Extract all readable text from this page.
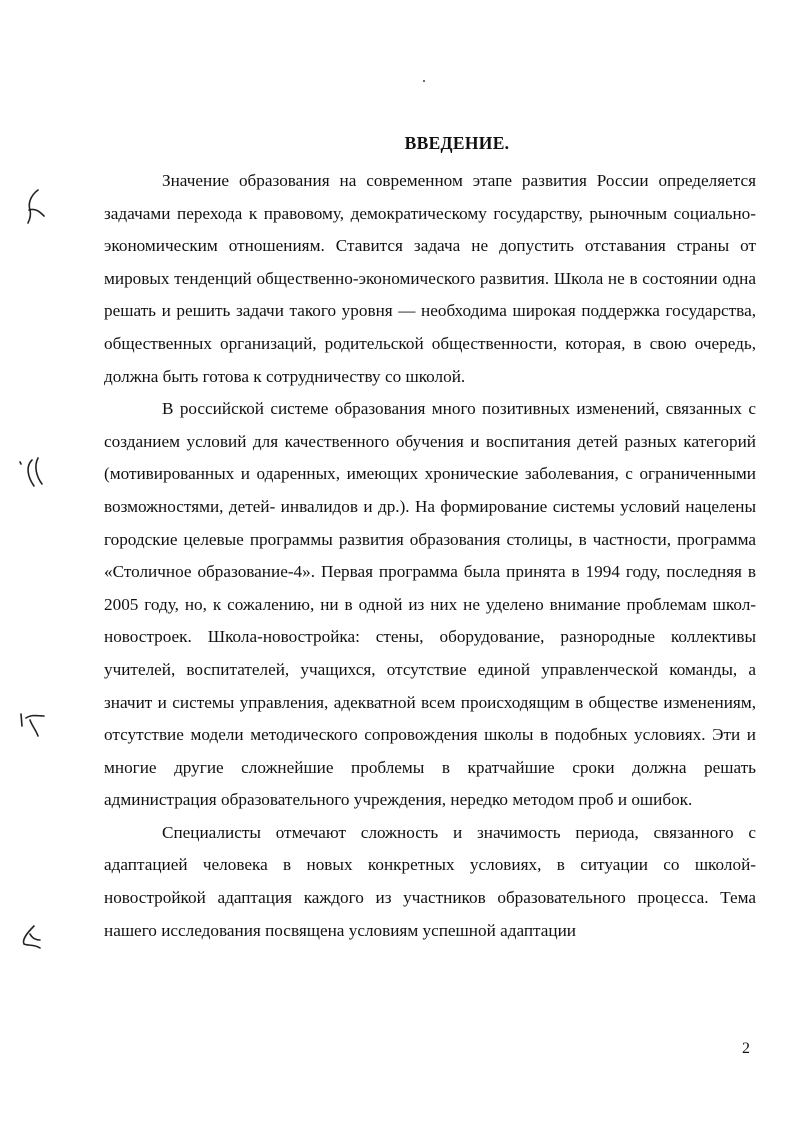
ВВЕДЕНИЕ.

Значение образования на современном этапе развития России определяется задачами перехода к правовому, демократическому государству, рыночным социально-экономическим отношениям. Ставится задача не допустить отставания страны от мировых тенденций общественно-экономического развития. Школа не в состоянии одна решать и решить задачи такого уровня — необходима широкая поддержка государства, общественных организаций, родительской общественности, которая, в свою очередь, должна быть готова к сотрудничеству со школой.

В российской системе образования много позитивных изменений, связанных с созданием условий для качественного обучения и воспитания детей разных категорий (мотивированных и одаренных, имеющих хронические заболевания, с ограниченными возможностями, детей- инвалидов и др.). На формирование системы условий нацелены городские целевые программы развития образования столицы, в частности, программа «Столичное образование-4». Первая программа была принята в 1994 году, последняя в 2005 году, но, к сожалению, ни в одной из них не уделено внимание проблемам школ-новостроек. Школа-новостройка: стены, оборудование, разнородные коллективы учителей, воспитателей, учащихся, отсутствие единой управленческой команды, а значит и системы управления, адекватной всем происходящим в обществе изменениям, отсутствие модели методического сопровождения школы в подобных условиях. Эти и многие другие сложнейшие проблемы в кратчайшие сроки должна решать администрация образовательного учреждения, нередко методом проб и ошибок.

Специалисты отмечают сложность и значимость периода, связанного с адаптацией человека в новых конкретных условиях, в ситуации со школой-новостройкой адаптация каждого из участников образовательного процесса. Тема нашего исследования посвящена условиям успешной адаптации

2
